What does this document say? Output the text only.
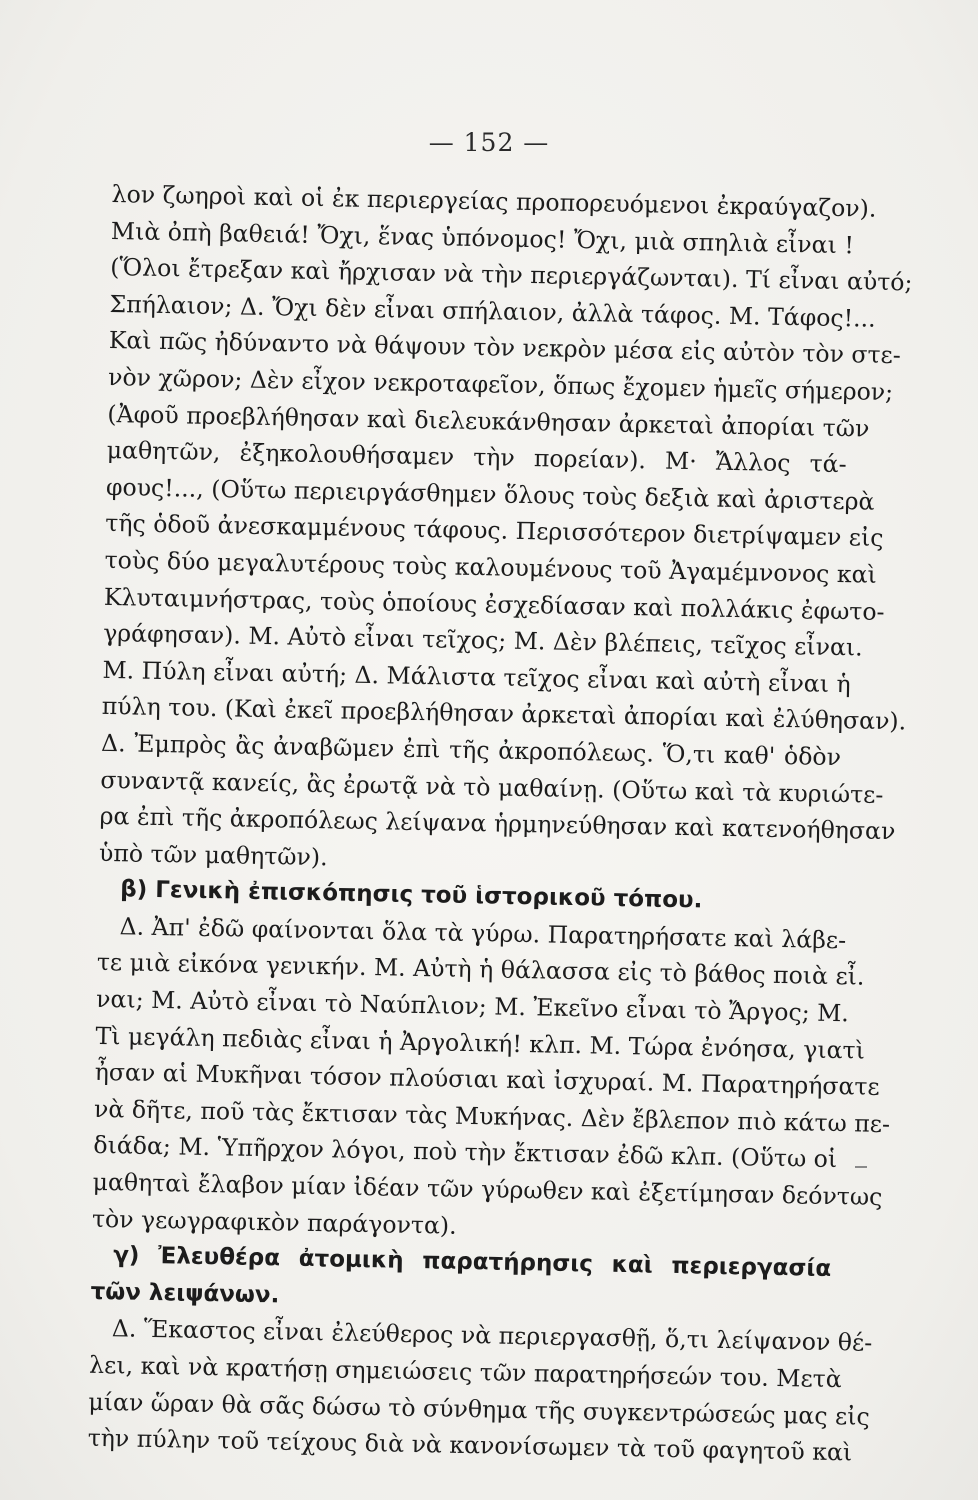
— 152 —
λον ζωηροὶ καὶ οἱ ἐκ περιεργείας προπορευόμενοι ἐκραύγαζον).
Μιὰ ὀπὴ βαθειά! Ὄχι, ἕνας ὑπόνομος! Ὄχι, μιὰ σπηλιὰ εἶναι !
(Ὅλοι ἔτρεξαν καὶ ἤρχισαν νὰ τὴν περιεργάζωνται). Τί εἶναι αὐτό;
Σπήλαιον; Δ. Ὄχι δὲν εἶναι σπήλαιον, ἀλλὰ τάφος. Μ. Τάφος!...
Καὶ πῶς ἠδύναντο νὰ θάψουν τὸν νεκρὸν μέσα εἰς αὐτὸν τὸν στε-
νὸν χῶρον; Δὲν εἶχον νεκροταφεῖον, ὅπως ἔχομεν ἡμεῖς σήμερον;
(Ἀφοῦ προεβλήθησαν καὶ διελευκάνθησαν ἀρκεταὶ ἀπορίαι τῶν
μαθητῶν, ἐξηκολουθήσαμεν τὴν πορείαν). Μ· Ἄλλος τά-
φους!..., (Οὕτω περιειργάσθημεν ὅλους τοὺς δεξιὰ καὶ ἀριστερὰ
τῆς ὁδοῦ ἀνεσκαμμένους τάφους. Περισσότερον διετρίψαμεν εἰς
τοὺς δύο μεγαλυτέρους τοὺς καλουμένους τοῦ Ἀγαμέμνονος καὶ
Κλυταιμνήστρας, τοὺς ὁποίους ἐσχεδίασαν καὶ πολλάκις ἐφωτο-
γράφησαν). Μ. Αὐτὸ εἶναι τεῖχος; Μ. Δὲν βλέπεις, τεῖχος εἶναι.
Μ. Πύλη εἶναι αὐτή; Δ. Μάλιστα τεῖχος εἶναι καὶ αὐτὴ εἶναι ἡ
πύλη του. (Καὶ ἐκεῖ προεβλήθησαν ἀρκεταὶ ἀπορίαι καὶ ἐλύθησαν).
Δ. Ἐμπρὸς ἂς ἀναβῶμεν ἐπὶ τῆς ἀκροπόλεως. Ὅ,τι καθ' ὁδὸν
συναντᾷ κανείς, ἂς ἐρωτᾷ νὰ τὸ μαθαίνῃ. (Οὕτω καὶ τὰ κυριώτε-
ρα ἐπὶ τῆς ἀκροπόλεως λείψανα ἡρμηνεύθησαν καὶ κατενοήθησαν
ὑπὸ τῶν μαθητῶν).
β) Γενικὴ ἐπισκόπησις τοῦ ἱστορικοῦ τόπου.
Δ. Ἀπ' ἐδῶ φαίνονται ὅλα τὰ γύρω. Παρατηρήσατε καὶ λάβε-
τε μιὰ εἰκόνα γενικήν. Μ. Αὐτὴ ἡ θάλασσα εἰς τὸ βάθος ποιὰ εἶ.
ναι; Μ. Αὐτὸ εἶναι τὸ Ναύπλιον; Μ. Ἐκεῖνο εἶναι τὸ Ἄργος; Μ.
Τὶ μεγάλη πεδιὰς εἶναι ἡ Ἀργολική! κλπ. Μ. Τώρα ἐνόησα, γιατὶ
ἦσαν αἱ Μυκῆναι τόσον πλούσιαι καὶ ἰσχυραί. Μ. Παρατηρήσατε
νὰ δῆτε, ποῦ τὰς ἔκτισαν τὰς Μυκήνας. Δὲν ἔβλεπον πιὸ κάτω πε-
διάδα; Μ. Ὑπῆρχον λόγοι, ποὺ τὴν ἔκτισαν ἐδῶ κλπ. (Οὕτω οἱ
μαθηταὶ ἔλαβον μίαν ἰδέαν τῶν γύρωθεν καὶ ἐξετίμησαν δεόντως
τὸν γεωγραφικὸν παράγοντα).
γ) Ἐλευθέρα ἀτομικὴ παρατήρησις καὶ περιεργασία
τῶν λειψάνων.
Δ. Ἕκαστος εἶναι ἐλεύθερος νὰ περιεργασθῇ, ὅ,τι λείψανον θέ-
λει, καὶ νὰ κρατήσῃ σημειώσεις τῶν παρατηρήσεών του. Μετὰ
μίαν ὥραν θὰ σᾶς δώσω τὸ σύνθημα τῆς συγκεντρώσεώς μας εἰς
τὴν πύλην τοῦ τείχους διὰ νὰ κανονίσωμεν τὰ τοῦ φαγητοῦ καὶ
